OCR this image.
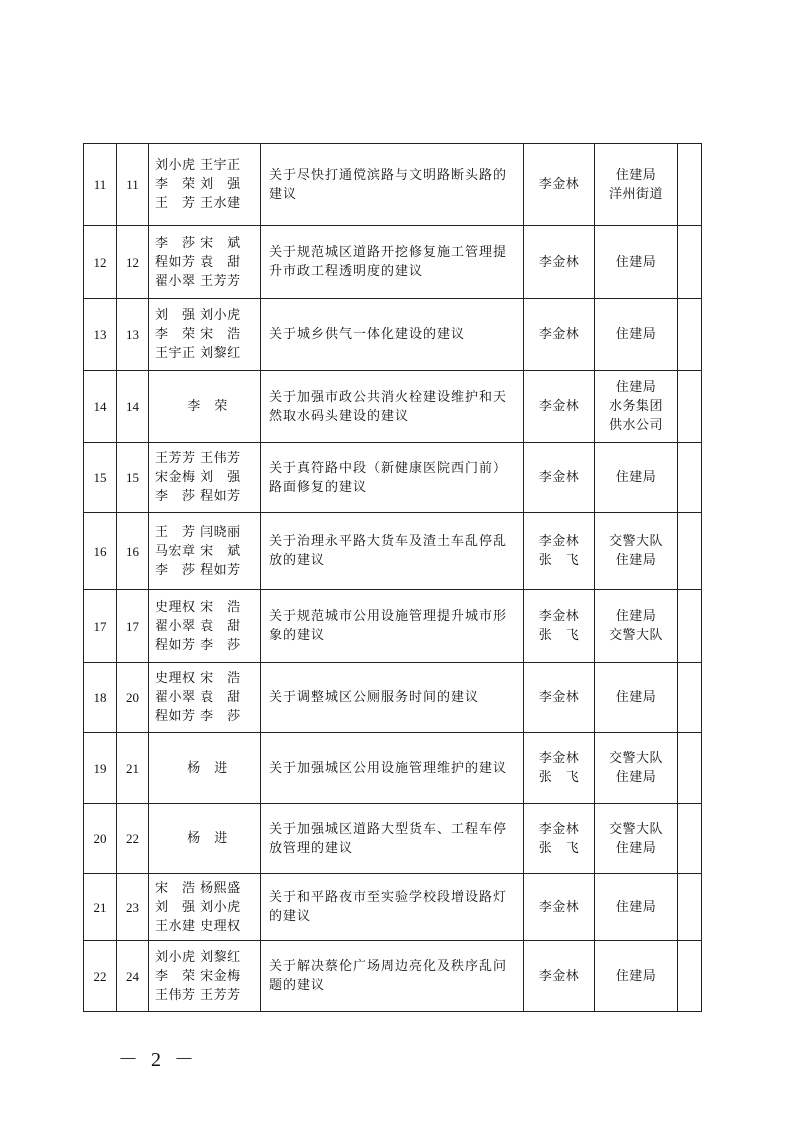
11	11	刘小虎 王宇正
李　荣 刘　强
王　芳 王水建	关于尽快打通傥滨路与文明路断头路的建议	李金林	住建局
洋州街道	

12	12	李　莎 宋　斌
程如芳 袁　甜
翟小翠 王芳芳	关于规范城区道路开挖修复施工管理提升市政工程透明度的建议	李金林	住建局	

13	13	刘　强 刘小虎
李　荣 宋　浩
王宇正 刘黎红	关于城乡供气一体化建设的建议	李金林	住建局	

14	14	李　荣	关于加强市政公共消火栓建设维护和天然取水码头建设的建议	李金林	住建局
水务集团
供水公司	

15	15	王芳芳 王伟芳
宋金梅 刘　强
李　莎 程如芳	关于真符路中段（新健康医院西门前）路面修复的建议	李金林	住建局	

16	16	王　芳 闫晓丽
马宏章 宋　斌
李　莎 程如芳	关于治理永平路大货车及渣土车乱停乱放的建议	李金林
张　飞	交警大队
住建局	

17	17	史理权 宋　浩
翟小翠 袁　甜
程如芳 李　莎	关于规范城市公用设施管理提升城市形象的建议	李金林
张　飞	住建局
交警大队	

18	20	史理权 宋　浩
翟小翠 袁　甜
程如芳 李　莎	关于调整城区公厕服务时间的建议	李金林	住建局	

19	21	杨　进	关于加强城区公用设施管理维护的建议	李金林
张　飞	交警大队
住建局	

20	22	杨　进	关于加强城区道路大型货车、工程车停放管理的建议	李金林
张　飞	交警大队
住建局	

21	23	宋　浩 杨熙盛
刘　强 刘小虎
王水建 史理权	关于和平路夜市至实验学校段增设路灯的建议	李金林	住建局	

22	24	刘小虎 刘黎红
李　荣 宋金梅
王伟芳 王芳芳	关于解决蔡伦广场周边亮化及秩序乱问题的建议	李金林	住建局	

－ 2 －
